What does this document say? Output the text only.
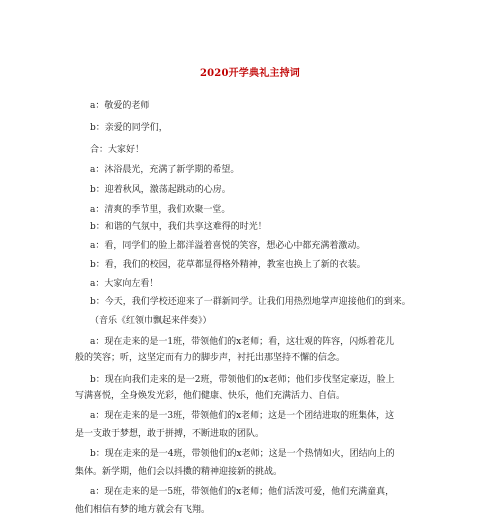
2020开学典礼主持词
a：敬爱的老师
b：亲爱的同学们，
合：大家好！
a：沐浴晨光，充满了新学期的希望。
b：迎着秋风，激荡起跳动的心房。
a：清爽的季节里，我们欢聚一堂。
b：和谐的气氛中，我们共享这难得的时光！
a：看，同学们的脸上都洋溢着喜悦的笑容，想必心中都充满着激动。
b：看，我们的校园，花草都显得格外精神，教室也换上了新的衣装。
a：大家向左看！
b：今天，我们学校还迎来了一群新同学。让我们用热烈地掌声迎接他们的到来。
（音乐《红领巾飘起来伴奏》）
a：现在走来的是一1班，带领他们的x老师；看，这壮观的阵容，闪烁着花儿
般的笑容；听，这坚定而有力的脚步声，衬托出那坚持不懈的信念。
b：现在向我们走来的是一2班，带领他们的x老师；他们步伐坚定豪迈，脸上
写满喜悦，全身焕发光彩，他们健康、快乐，他们充满活力、自信。
a：现在走来的是一3班，带领他们的x老师；这是一个团结进取的班集体，这
是一支敢于梦想，敢于拼搏，不断进取的团队。
b：现在走来的是一4班，带领他们的x老师；这是一个热情如火，团结向上的
集体。新学期，他们会以抖擞的精神迎接新的挑战。
a：现在走来的是一5班，带领他们的x老师；他们活泼可爱，他们充满童真，
他们相信有梦的地方就会有飞翔。
